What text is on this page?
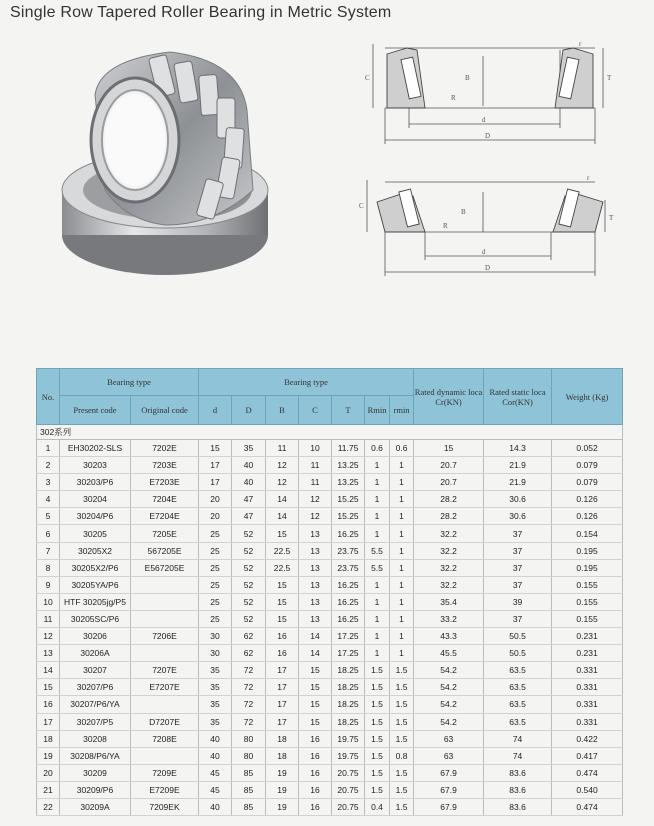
Single Row Tapered Roller Bearing in Metric System
C	B
R
r
T
d
D
C
B
R
r
T
d
D
No.	Bearing type		Bearing type							Rated dynamic loca Cr(KN)	Rated static loca Cor(KN)	Weight (Kg)
	Present code	Original code	d	D	B	C	T	Rmin	rmin			
302系列												
1	EH30202-SLS	7202E	15	35	11	10	11.75	0.6	0.6	15	14.3	0.052
2	30203	7203E	17	40	12	11	13.25	1	1	20.7	21.9	0.079
3	30203/P6	E7203E	17	40	12	11	13.25	1	1	20.7	21.9	0.079
4	30204	7204E	20	47	14	12	15.25	1	1	28.2	30.6	0.126
5	30204/P6	E7204E	20	47	14	12	15.25	1	1	28.2	30.6	0.126
6	30205	7205E	25	52	15	13	16.25	1	1	32.2	37	0.154
7	30205X2	567205E	25	52	22.5	13	23.75	5.5	1	32.2	37	0.195
8	30205X2/P6	E567205E	25	52	22.5	13	23.75	5.5	1	32.2	37	0.195
9	30205YA/P6		25	52	15	13	16.25	1	1	32.2	37	0.155
10	HTF 30205jg/P5		25	52	15	13	16.25	1	1	35.4	39	0.155
11	30205SC/P6		25	52	15	13	16.25	1	1	33.2	37	0.155
12	30206	7206E	30	62	16	14	17.25	1	1	43.3	50.5	0.231
13	30206A		30	62	16	14	17.25	1	1	45.5	50.5	0.231
14	30207	7207E	35	72	17	15	18.25	1.5	1.5	54.2	63.5	0.331
15	30207/P6	E7207E	35	72	17	15	18.25	1.5	1.5	54.2	63.5	0.331
16	30207/P6/YA		35	72	17	15	18.25	1.5	1.5	54.2	63.5	0.331
17	30207/P5	D7207E	35	72	17	15	18.25	1.5	1.5	54.2	63.5	0.331
18	30208	7208E	40	80	18	16	19.75	1.5	1.5	63	74	0.422
19	30208/P6/YA		40	80	18	16	19.75	1.5	0.8	63	74	0.417
20	30209	7209E	45	85	19	16	20.75	1.5	1.5	67.9	83.6	0.474
21	30209/P6	E7209E	45	85	19	16	20.75	1.5	1.5	67.9	83.6	0.540
22	30209A	7209EK	40	85	19	16	20.75	0.4	1.5	67.9	83.6	0.474
